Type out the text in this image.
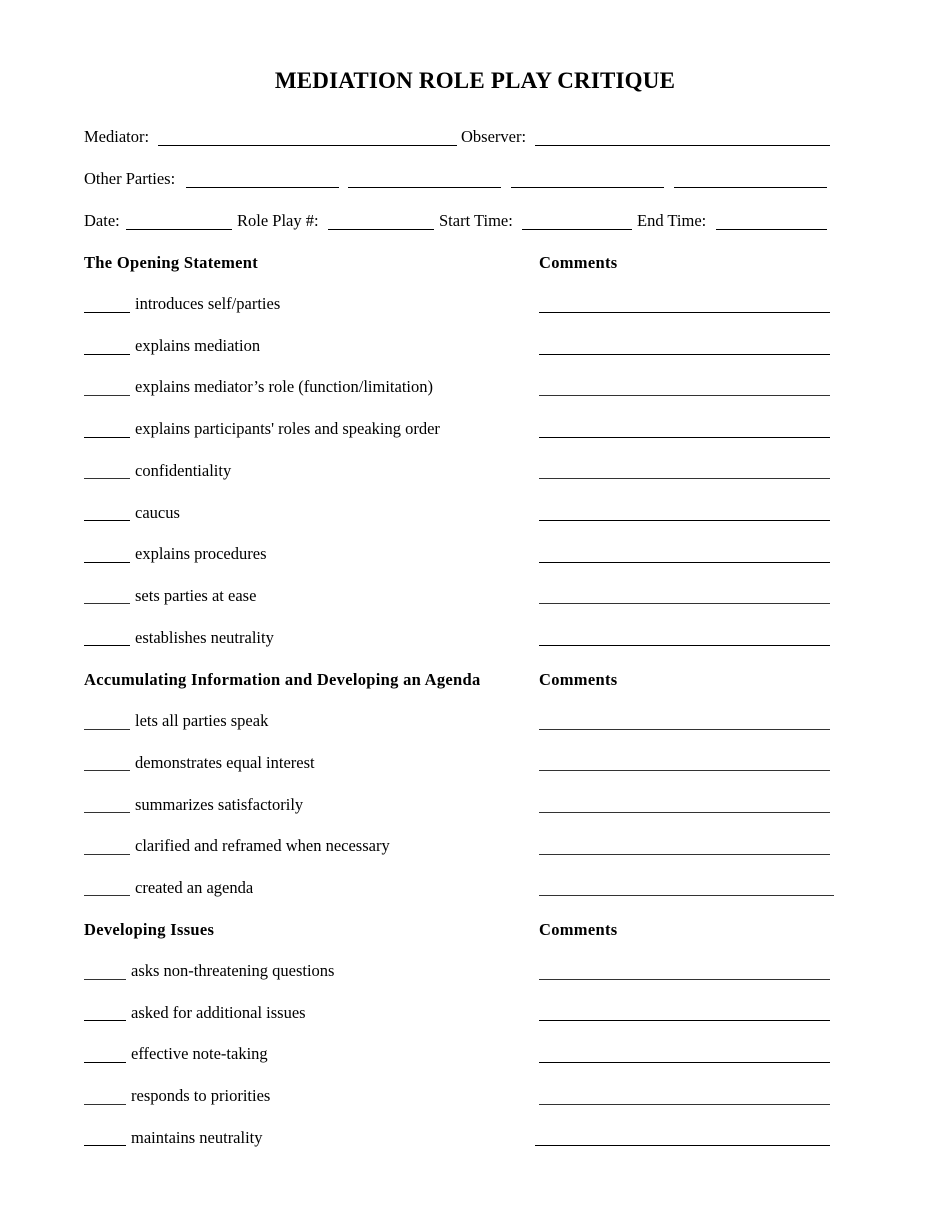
MEDIATION ROLE PLAY CRITIQUE
Mediator:	Observer:
Other Parties:
Date:	Role Play #:	Start Time:	End Time:
The Opening Statement	Comments
introduces self/parties
explains mediation
explains mediator’s role (function/limitation)
explains participants' roles and speaking order
confidentiality
caucus
explains procedures
sets parties at ease
establishes neutrality
Accumulating Information and Developing an Agenda	Comments
lets all parties speak
demonstrates equal interest
summarizes satisfactorily
clarified and reframed when necessary
created an agenda
Developing Issues	Comments
asks non-threatening questions
asked for additional issues
effective note-taking
responds to priorities
maintains neutrality
